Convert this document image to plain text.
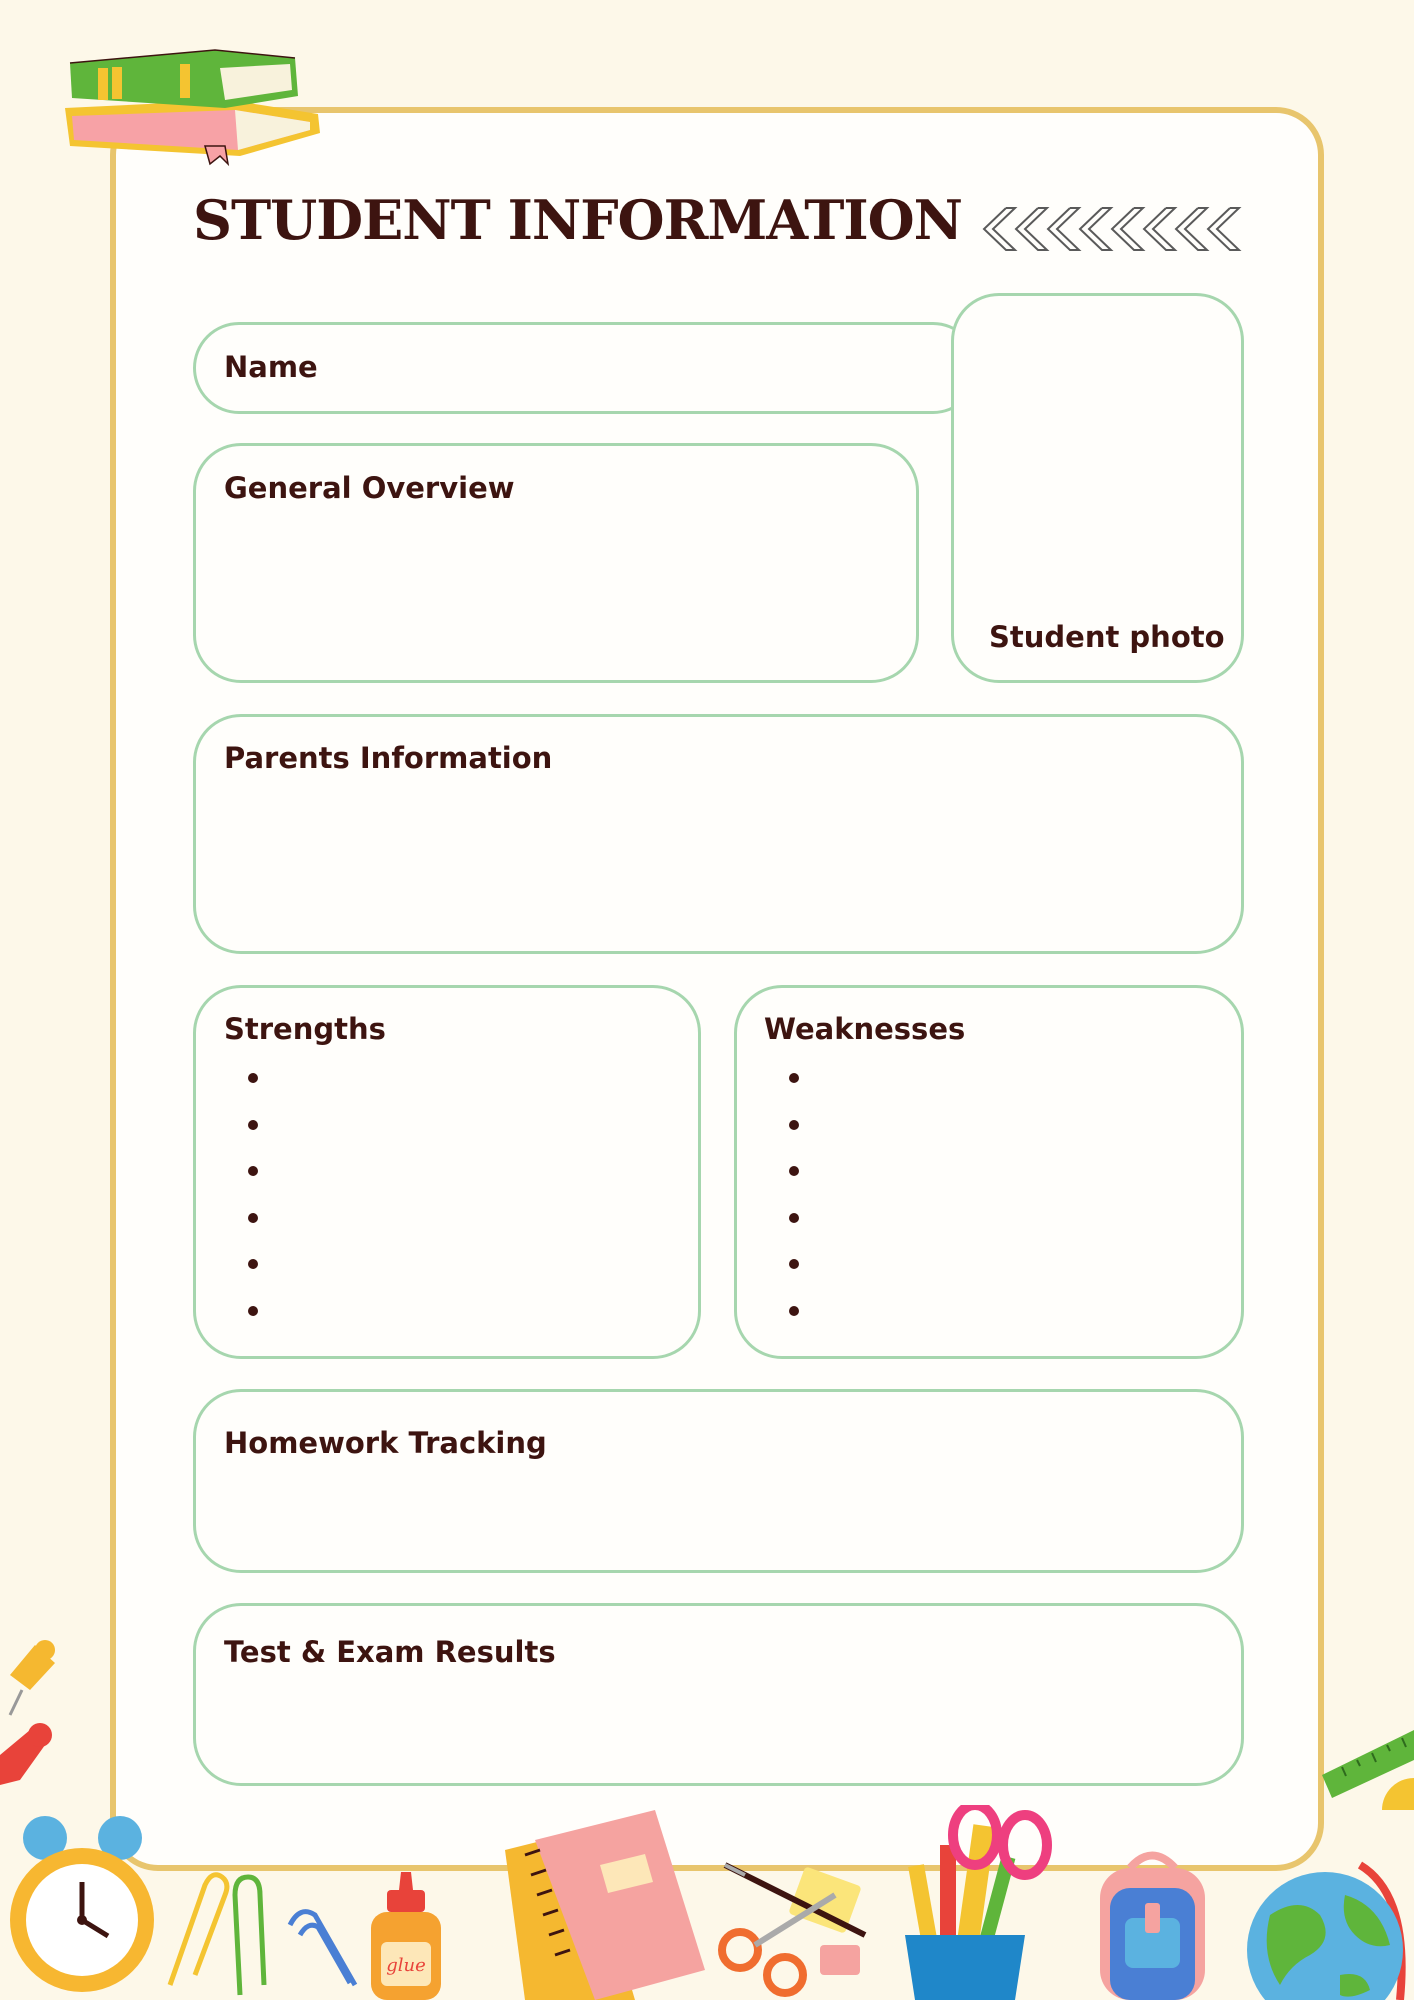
STUDENT INFORMATION
Name
Student photo
General Overview
Parents Information
Strengths	Weaknesses
Homework Tracking
Test & Exam Results
glue
